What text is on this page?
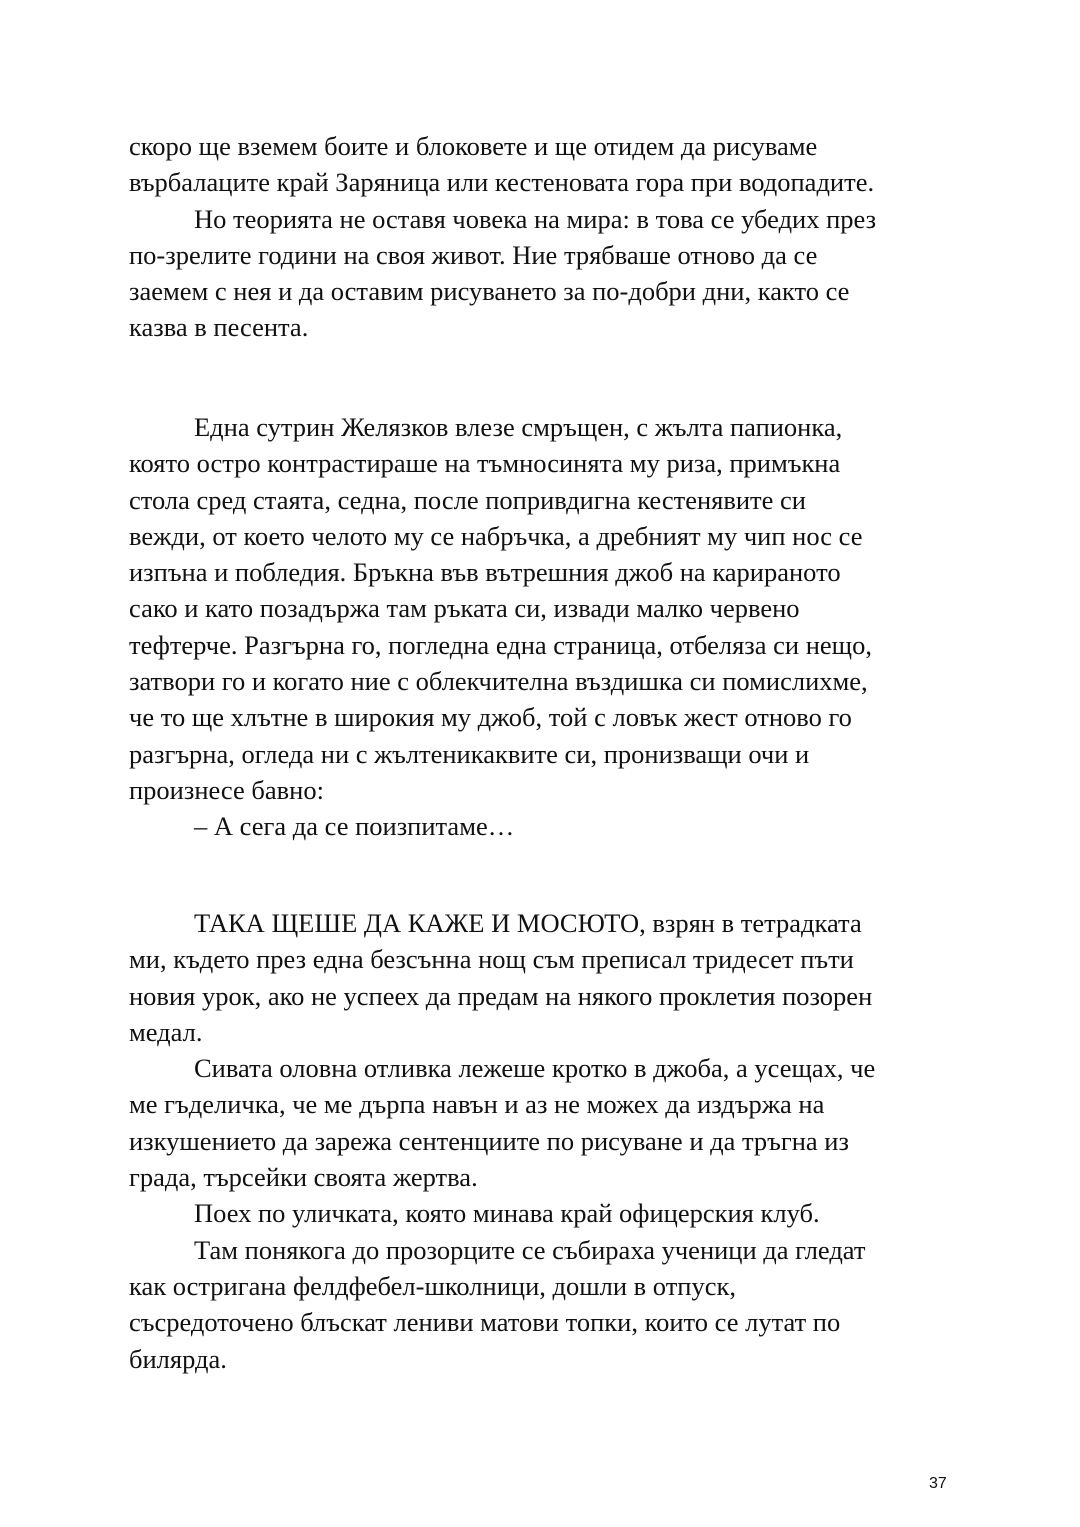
скоро ще вземем боите и блоковете и ще отидем да рисуваме
върбалаците край Заряница или кестеновата гора при водопадите.
Но теорията не оставя човека на мира: в това се убедих през
по-зрелите години на своя живот. Ние трябваше отново да се
заемем с нея и да оставим рисуването за по-добри дни, както се
казва в песента.
Една сутрин Желязков влезе смръщен, с жълта папионка,
която остро контрастираше на тъмносинята му риза, примъкна
стола сред стаята, седна, после попривдигна кестенявите си
вежди, от което челото му се набръчка, а дребният му чип нос се
изпъна и побледия. Бръкна във вътрешния джоб на карираното
сако и като позадържа там ръката си, извади малко червено
тефтерче. Разгърна го, погледна една страница, отбеляза си нещо,
затвори го и когато ние с облекчителна въздишка си помислихме,
че то ще хлътне в широкия му джоб, той с ловък жест отново го
разгърна, огледа ни с жълтеникаквите си, пронизващи очи и
произнесе бавно:
– А сега да се поизпитаме…
ТАКА ЩЕШЕ ДА КАЖЕ И МОСЮТО, взрян в тетрадката
ми, където през една безсънна нощ съм преписал тридесет пъти
новия урок, ако не успеех да предам на някого проклетия позорен
медал.
Сивата оловна отливка лежеше кротко в джоба, а усещах, че
ме гъделичка, че ме дърпа навън и аз не можех да издържа на
изкушението да зарежа сентенциите по рисуване и да тръгна из
града, търсейки своята жертва.
Поех по уличката, която минава край офицерския клуб.
Там понякога до прозорците се събираха ученици да гледат
как остригана фелдфебел-школници, дошли в отпуск,
съсредоточено блъскат лениви матови топки, които се лутат по
билярда.
37
